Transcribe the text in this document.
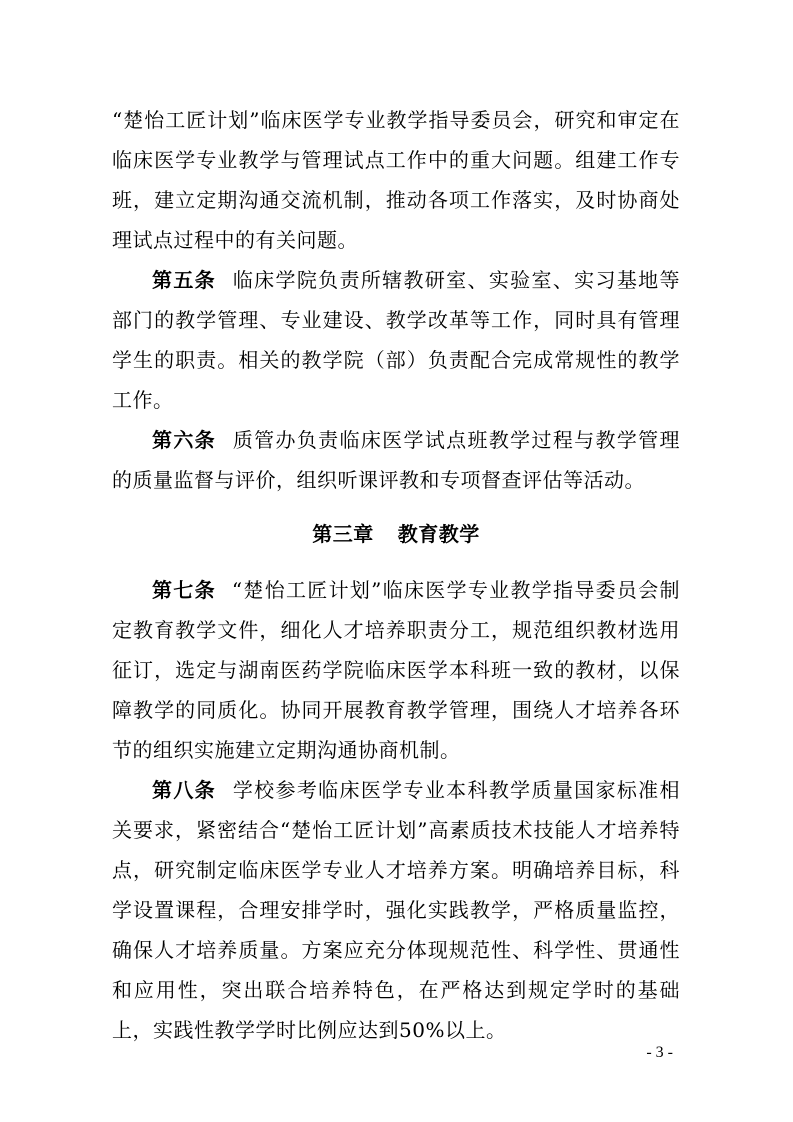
“楚怡工匠计划”临床医学专业教学指导委员会，研究和审定在临床医学专业教学与管理试点工作中的重大问题。组建工作专班，建立定期沟通交流机制，推动各项工作落实，及时协商处理试点过程中的有关问题。

第五条 临床学院负责所辖教研室、实验室、实习基地等部门的教学管理、专业建设、教学改革等工作，同时具有管理学生的职责。相关的教学院（部）负责配合完成常规性的教学工作。

第六条 质管办负责临床医学试点班教学过程与教学管理的质量监督与评价，组织听课评教和专项督查评估等活动。

第三章 教育教学

第七条 “楚怡工匠计划”临床医学专业教学指导委员会制定教育教学文件，细化人才培养职责分工，规范组织教材选用征订，选定与湖南医药学院临床医学本科班一致的教材，以保障教学的同质化。协同开展教育教学管理，围绕人才培养各环节的组织实施建立定期沟通协商机制。

第八条 学校参考临床医学专业本科教学质量国家标准相关要求，紧密结合“楚怡工匠计划”高素质技术技能人才培养特点，研究制定临床医学专业人才培养方案。明确培养目标，科学设置课程，合理安排学时，强化实践教学，严格质量监控，确保人才培养质量。方案应充分体现规范性、科学性、贯通性和应用性，突出联合培养特色，在严格达到规定学时的基础上，实践性教学学时比例应达到50%以上。

- 3 -
